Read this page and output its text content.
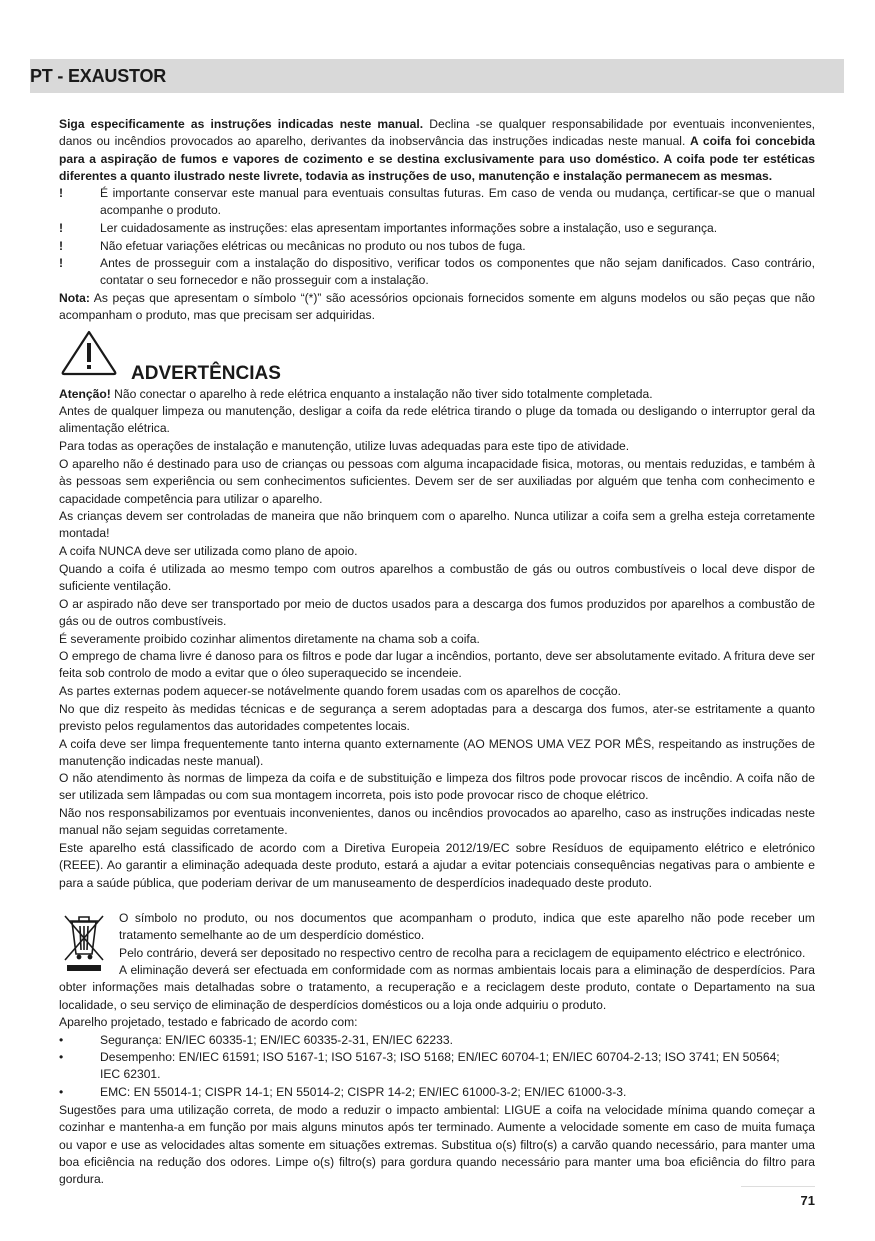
PT - EXAUSTOR

Siga especificamente as instruções indicadas neste manual. Declina -se qualquer responsabilidade por eventuais inconvenientes, danos ou incêndios provocados ao aparelho, derivantes da inobservância das instruções indicadas neste manual. A coifa foi concebida para a aspiração de fumos e vapores de cozimento e se destina exclusivamente para uso doméstico. A coifa pode ter estéticas diferentes a quanto ilustrado neste livrete, todavia as instruções de uso, manutenção e instalação permanecem as mesmas.

!	É importante conservar este manual para eventuais consultas futuras. Em caso de venda ou mudança, certificar-se que o manual acompanhe o produto.
!	Ler cuidadosamente as instruções: elas apresentam importantes informações sobre a instalação, uso e segurança.
!	Não efetuar variações elétricas ou mecânicas no produto ou nos tubos de fuga.
!	Antes de prosseguir com a instalação do dispositivo, verificar todos os componentes que não sejam danificados. Caso contrário, contatar o seu fornecedor e não prosseguir com a instalação.

Nota: As peças que apresentam o símbolo “(*)” são acessórios opcionais fornecidos somente em alguns modelos ou são peças que não acompanham o produto, mas que precisam ser adquiridas.

ADVERTÊNCIAS

Atenção! Não conectar o aparelho à rede elétrica enquanto a instalação não tiver sido totalmente completada.

Antes de qualquer limpeza ou manutenção, desligar a coifa da rede elétrica tirando o pluge da tomada ou desligando o interruptor geral da alimentação elétrica.

Para todas as operações de instalação e manutenção, utilize luvas adequadas para este tipo de atividade.

O aparelho não é destinado para uso de crianças ou pessoas com alguma incapacidade fisica, motoras, ou mentais reduzidas, e também à às pessoas sem experiência ou sem conhecimentos suficientes. Devem ser de ser auxiliadas por alguém que tenha com conhecimento e capacidade competência para utilizar o aparelho.

As crianças devem ser controladas de maneira que não brinquem com o aparelho. Nunca utilizar a coifa sem a grelha esteja corretamente montada!

A coifa NUNCA deve ser utilizada como plano de apoio.

Quando a coifa é utilizada ao mesmo tempo com outros aparelhos a combustão de gás ou outros combustíveis o local deve dispor de suficiente ventilação.

O ar aspirado não deve ser transportado por meio de ductos usados para a descarga dos fumos produzidos por aparelhos a combustão de gás ou de outros combustíveis.

É severamente proibido cozinhar alimentos diretamente na chama sob a coifa.

O emprego de chama livre é danoso para os filtros e pode dar lugar a incêndios, portanto, deve ser absolutamente evitado. A fritura deve ser feita sob controlo de modo a evitar que o óleo superaquecido se incendeie.

As partes externas podem aquecer-se notávelmente quando forem usadas com os aparelhos de cocção.

No que diz respeito às medidas técnicas e de segurança a serem adoptadas para a descarga dos fumos, ater-se estritamente a quanto previsto pelos regulamentos das autoridades competentes locais.

A coifa deve ser limpa frequentemente tanto interna quanto externamente (AO MENOS UMA VEZ POR MÊS, respeitando as instruções de manutenção indicadas neste manual).

O não atendimento às normas de limpeza da coifa e de substituição e limpeza dos filtros pode provocar riscos de incêndio. A coifa não de ser utilizada sem lâmpadas ou com sua montagem incorreta, pois isto pode provocar risco de choque elétrico.

Não nos responsabilizamos por eventuais inconvenientes, danos ou incêndios provocados ao aparelho, caso as instruções indicadas neste manual não sejam seguidas corretamente.

Este aparelho está classificado de acordo com a Diretiva Europeia 2012/19/EC sobre Resíduos de equipamento elétrico e eletrónico (REEE). Ao garantir a eliminação adequada deste produto, estará a ajudar a evitar potenciais consequências negativas para o ambiente e para a saúde pública, que poderiam derivar de um manuseamento de desperdícios inadequado deste produto.

O símbolo no produto, ou nos documentos que acompanham o produto, indica que este aparelho não pode receber um tratamento semelhante ao de um desperdício doméstico.

Pelo contrário, deverá ser depositado no respectivo centro de recolha para a reciclagem de equipamento eléctrico e electrónico.

A eliminação deverá ser efectuada em conformidade com as normas ambientais locais para a eliminação de desperdícios. Para obter informações mais detalhadas sobre o tratamento, a recuperação e a reciclagem deste produto, contate o Departamento na sua localidade, o seu serviço de eliminação de desperdícios domésticos ou a loja onde adquiriu o produto.

Aparelho projetado, testado e fabricado de acordo com:

•	Segurança: EN/IEC 60335-1; EN/IEC 60335-2-31, EN/IEC 62233.
•	Desempenho: EN/IEC 61591; ISO 5167-1; ISO 5167-3; ISO 5168; EN/IEC 60704-1; EN/IEC 60704-2-13; ISO 3741; EN 50564; IEC 62301.
•	EMC: EN 55014-1; CISPR 14-1; EN 55014-2; CISPR 14-2; EN/IEC 61000-3-2; EN/IEC 61000-3-3.

Sugestões para uma utilização correta, de modo a reduzir o impacto ambiental: LIGUE a coifa na velocidade mínima quando começar a cozinhar e mantenha-a em função por mais alguns minutos após ter terminado. Aumente a velocidade somente em caso de muita fumaça ou vapor e use as velocidades altas somente em situações extremas. Substitua o(s) filtro(s) a carvão quando necessário, para manter uma boa eficiência na redução dos odores. Limpe o(s) filtro(s) para gordura quando necessário para manter uma boa eficiência do filtro para gordura.

71
